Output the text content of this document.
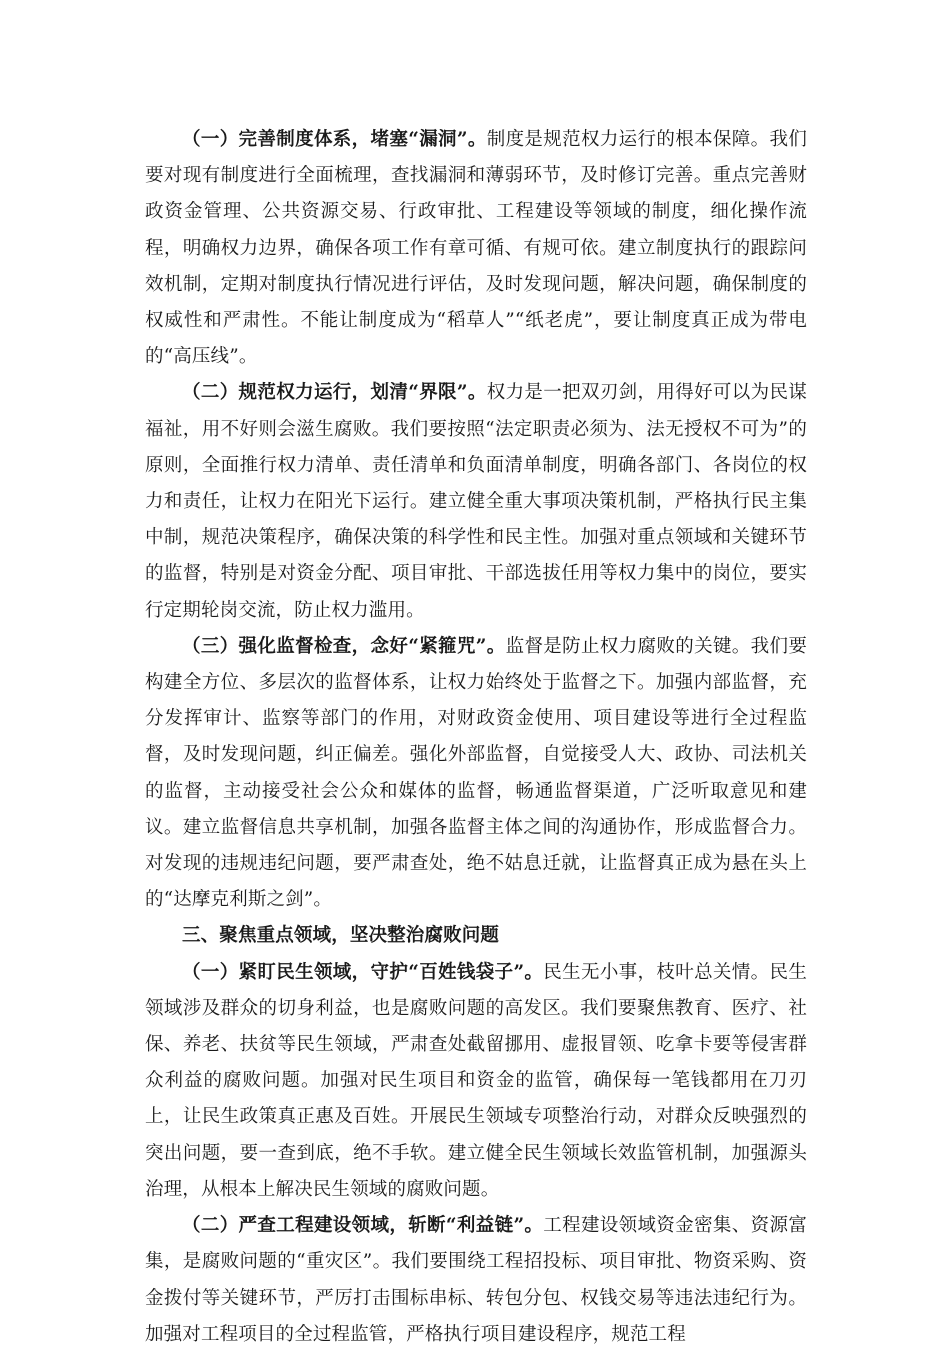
（一）完善制度体系，堵塞“漏洞”。制度是规范权力运行的根本保障。我们要对现有制度进行全面梳理，查找漏洞和薄弱环节，及时修订完善。重点完善财政资金管理、公共资源交易、行政审批、工程建设等领域的制度，细化操作流程，明确权力边界，确保各项工作有章可循、有规可依。建立制度执行的跟踪问效机制，定期对制度执行情况进行评估，及时发现问题，解决问题，确保制度的权威性和严肃性。不能让制度成为“稻草人”“纸老虎”，要让制度真正成为带电的“高压线”。

（二）规范权力运行，划清“界限”。权力是一把双刃剑，用得好可以为民谋福祉，用不好则会滋生腐败。我们要按照“法定职责必须为、法无授权不可为”的原则，全面推行权力清单、责任清单和负面清单制度，明确各部门、各岗位的权力和责任，让权力在阳光下运行。建立健全重大事项决策机制，严格执行民主集中制，规范决策程序，确保决策的科学性和民主性。加强对重点领域和关键环节的监督，特别是对资金分配、项目审批、干部选拔任用等权力集中的岗位，要实行定期轮岗交流，防止权力滥用。

（三）强化监督检查，念好“紧箍咒”。监督是防止权力腐败的关键。我们要构建全方位、多层次的监督体系，让权力始终处于监督之下。加强内部监督，充分发挥审计、监察等部门的作用，对财政资金使用、项目建设等进行全过程监督，及时发现问题，纠正偏差。强化外部监督，自觉接受人大、政协、司法机关的监督，主动接受社会公众和媒体的监督，畅通监督渠道，广泛听取意见和建议。建立监督信息共享机制，加强各监督主体之间的沟通协作，形成监督合力。对发现的违规违纪问题，要严肃查处，绝不姑息迁就，让监督真正成为悬在头上的“达摩克利斯之剑”。

三、聚焦重点领域，坚决整治腐败问题

（一）紧盯民生领域，守护“百姓钱袋子”。民生无小事，枝叶总关情。民生领域涉及群众的切身利益，也是腐败问题的高发区。我们要聚焦教育、医疗、社保、养老、扶贫等民生领域，严肃查处截留挪用、虚报冒领、吃拿卡要等侵害群众利益的腐败问题。加强对民生项目和资金的监管，确保每一笔钱都用在刀刃上，让民生政策真正惠及百姓。开展民生领域专项整治行动，对群众反映强烈的突出问题，要一查到底，绝不手软。建立健全民生领域长效监管机制，加强源头治理，从根本上解决民生领域的腐败问题。

（二）严查工程建设领域，斩断“利益链”。工程建设领域资金密集、资源富集，是腐败问题的“重灾区”。我们要围绕工程招投标、项目审批、物资采购、资金拨付等关键环节，严厉打击围标串标、转包分包、权钱交易等违法违纪行为。加强对工程项目的全过程监管，严格执行项目建设程序，规范工程
